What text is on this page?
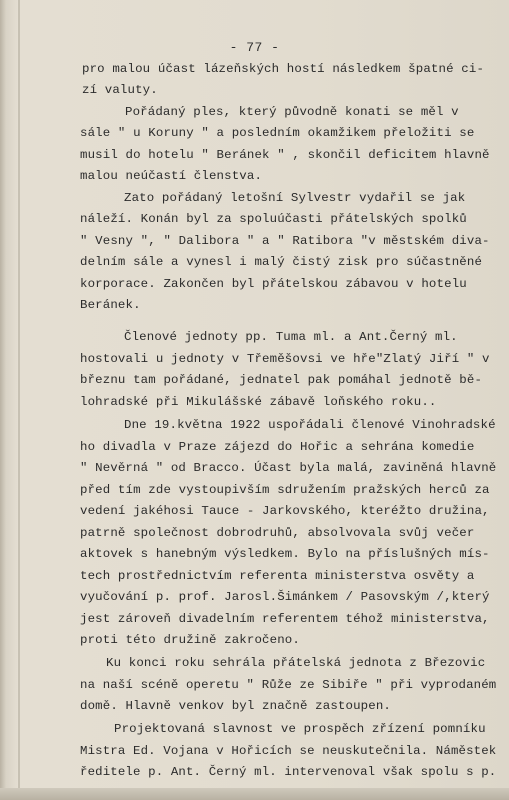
- 77 -
pro malou účast lázeňských hostí následkem špatné ci-
zí valuty.
Pořádaný ples, který původně konati se měl v
sále " u Koruny " a posledním okamžikem přeložiti se
musil do hotelu " Beránek " , skončil deficitem hlavně
malou neúčastí členstva.
Zato pořádaný letošní Sylvestr vydařil se jak
náleží. Konán byl za spoluúčasti přátelských spolků
" Vesny ", " Dalibora " a " Ratibora "v městském diva-
delním sále a vynesl i malý čistý zisk pro súčastněné
korporace. Zakončen byl přátelskou zábavou v hotelu
Beránek.
Členové jednoty pp. Tuma ml. a Ant.Černý ml.
hostovali u jednoty v Třeměšovsi ve hře"Zlatý Jiří " v
březnu tam pořádané, jednatel pak pomáhal jednotě bě-
lohradské při Mikulášské zábavě loňského roku..
Dne 19.května 1922 uspořádali členové Vinohradské
ho divadla v Praze zájezd do Hořic a sehrána komedie
" Nevěrná " od Bracco. Účast byla malá, zaviněná hlavně
před tím zde vystoupivším sdružením pražských herců za
vedení jakéhosi Tauce - Jarkovského, kteréžto družina,
patrně společnost dobrodruhů, absolvovala svůj večer
aktovek s hanebným výsledkem. Bylo na příslušných mís-
tech prostřednictvím referenta ministerstva osvěty a
vyučování p. prof. Jarosl.Šimánkem / Pasovským /,který
jest zároveň divadelním referentem téhož ministerstva,
proti této družině zakročeno.
Ku konci roku sehrála přátelská jednota z Březovic
na naší scéně operetu " Růže ze Sibiře " při vyprodaném
domě. Hlavně venkov byl značně zastoupen.
Projektovaná slavnost ve prospěch zřízení pomníku
Mistra Ed. Vojana v Hořicích se neuskutečnila. Náměstek
ředitele p. Ant. Černý ml. intervenoval však spolu s p.
